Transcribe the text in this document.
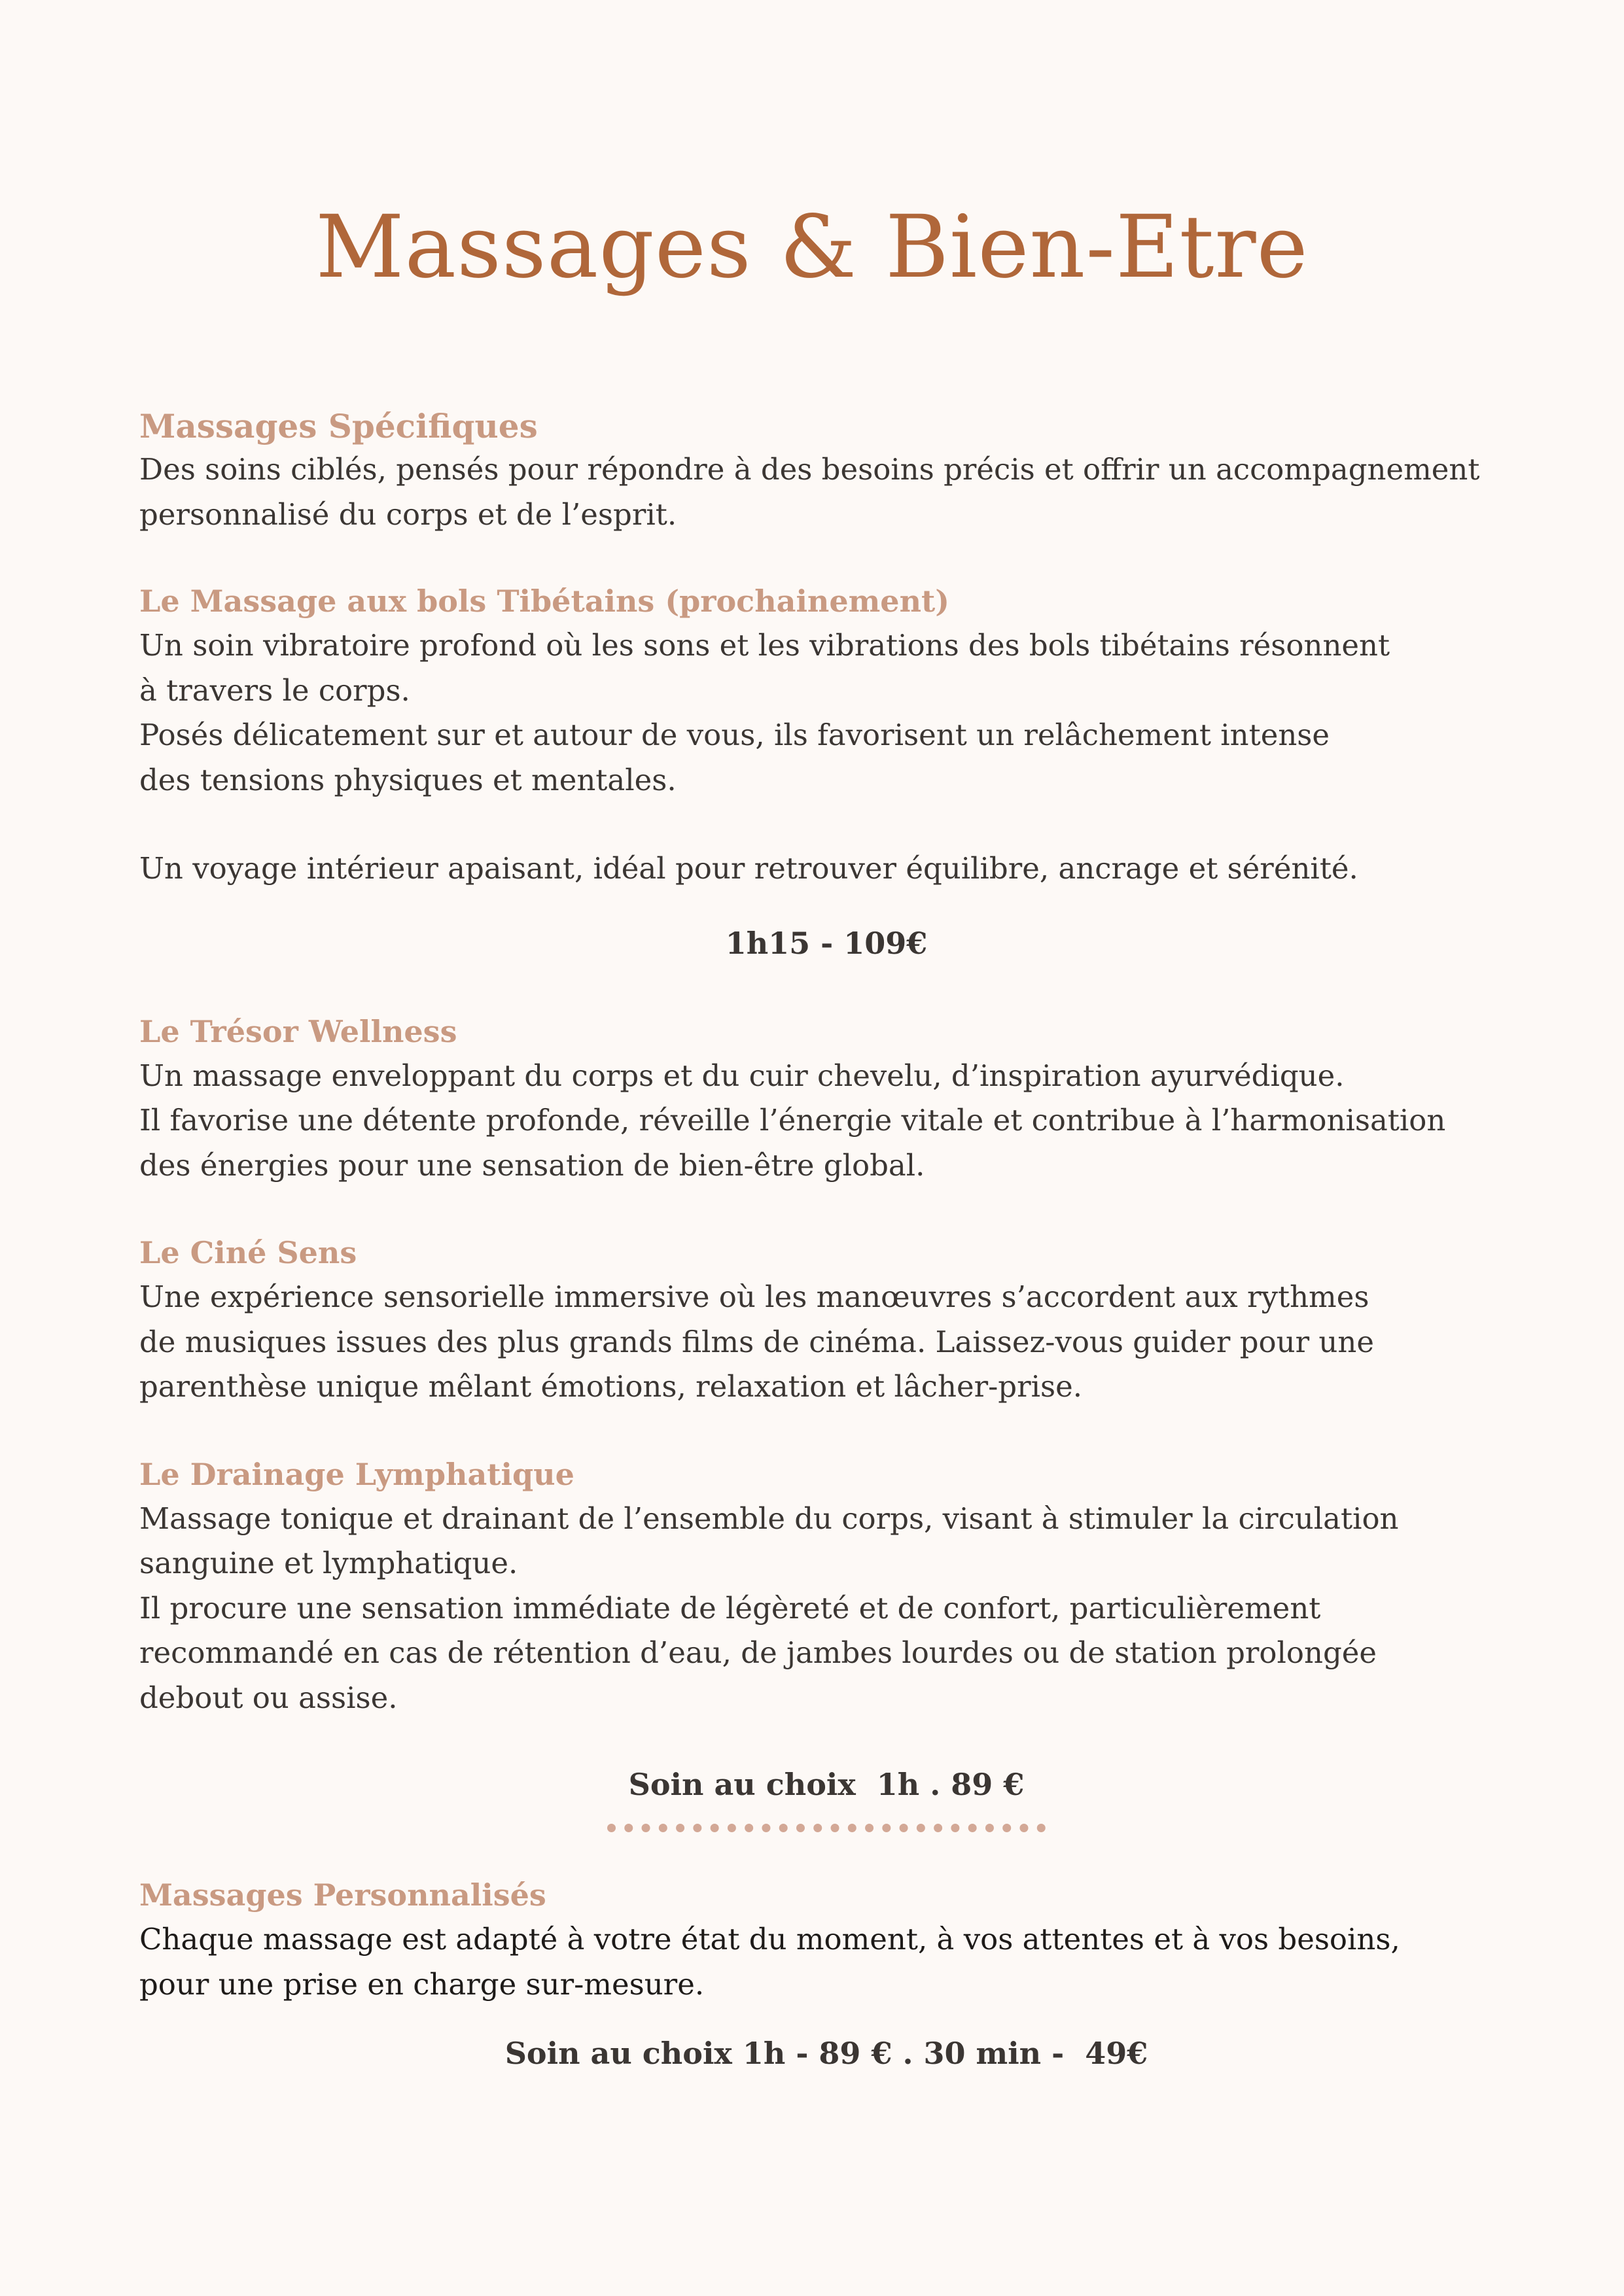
Massages & Bien-Etre
Massages Spécifiques

Des soins ciblés, pensés pour répondre à des besoins précis et offrir un accompagnement
personnalisé du corps et de l’esprit.

Le Massage aux bols Tibétains (prochainement)

Un soin vibratoire profond où les sons et les vibrations des bols tibétains résonnent
à travers le corps.
Posés délicatement sur et autour de vous, ils favorisent un relâchement intense
des tensions physiques et mentales.

Un voyage intérieur apaisant, idéal pour retrouver équilibre, ancrage et sérénité.

1h15 - 109€

Le Trésor Wellness

Un massage enveloppant du corps et du cuir chevelu, d’inspiration ayurvédique.
Il favorise une détente profonde, réveille l’énergie vitale et contribue à l’harmonisation
des énergies pour une sensation de bien-être global.

Le Ciné Sens

Une expérience sensorielle immersive où les manœuvres s’accordent aux rythmes
de musiques issues des plus grands films de cinéma. Laissez-vous guider pour une
parenthèse unique mêlant émotions, relaxation et lâcher-prise.

Le Drainage Lymphatique

Massage tonique et drainant de l’ensemble du corps, visant à stimuler la circulation
sanguine et lymphatique.
Il procure une sensation immédiate de légèreté et de confort, particulièrement
recommandé en cas de rétention d’eau, de jambes lourdes ou de station prolongée
debout ou assise.

Soin au choix  1h . 89 €

Massages Personnalisés

Chaque massage est adapté à votre état du moment, à vos attentes et à vos besoins,
pour une prise en charge sur-mesure.

Soin au choix 1h - 89 € . 30 min -  49€
